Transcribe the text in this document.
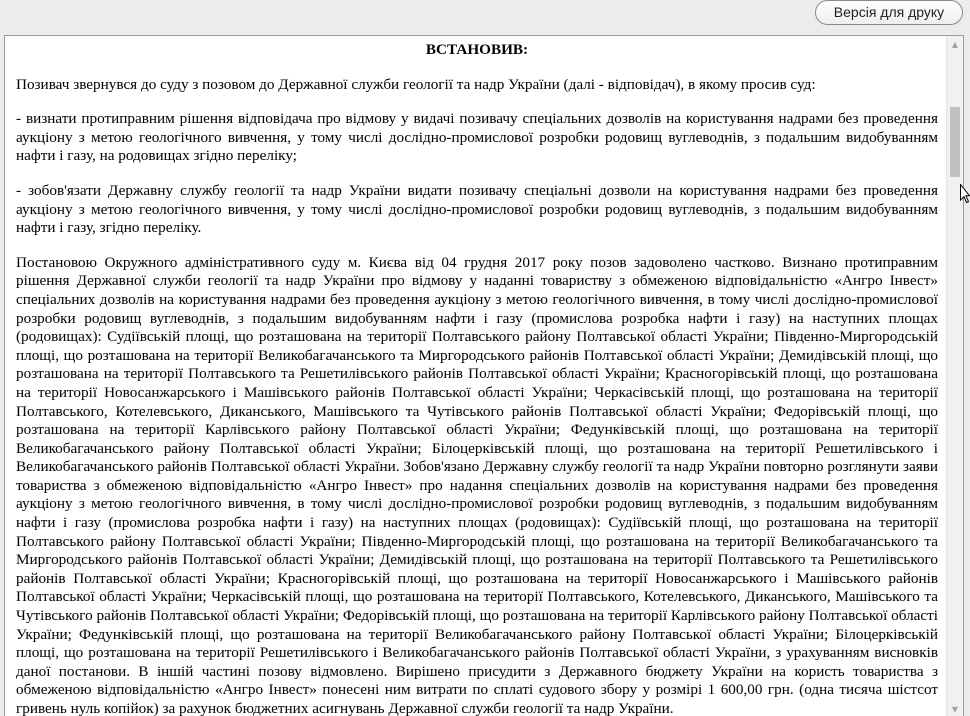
Версія для друку
ВСТАНОВИВ:

Позивач звернувся до суду з позовом до Державної служби геології та надр України (далі - відповідач), в якому просив суд:

- визнати протиправним рішення відповідача про відмову у видачі позивачу спеціальних дозволів на користування надрами без проведення аукціону з метою геологічного вивчення, у тому числі дослідно-промислової розробки родовищ вуглеводнів, з подальшим видобуванням нафти і газу, на родовищах згідно переліку;

- зобов'язати Державну службу геології та надр України видати позивачу спеціальні дозволи на користування надрами без проведення аукціону з метою геологічного вивчення, у тому числі дослідно-промислової розробки родовищ вуглеводнів, з подальшим видобуванням нафти і газу, згідно переліку.

Постановою Окружного адміністративного суду м. Києва від 04 грудня 2017 року позов задоволено частково. Визнано протиправним рішення Державної служби геології та надр України про відмову у наданні товариству з обмеженою відповідальністю «Ангро Інвест» спеціальних дозволів на користування надрами без проведення аукціону з метою геологічного вивчення, в тому числі дослідно-промислової розробки родовищ вуглеводнів, з подальшим видобуванням нафти і газу (промислова розробка нафти і газу) на наступних площах (родовищах): Судіївській площі, що розташована на території Полтавського району Полтавської області України; Південно-Миргородській площі, що розташована на території Великобагачанського та Миргородського районів Полтавської області України; Демидівській площі, що розташована на території Полтавського та Решетилівського районів Полтавської області України; Красногорівській площі, що розташована на території Новосанжарського і Машівського районів Полтавської області України; Черкасівській площі, що розташована на території Полтавського, Котелевського, Диканського, Машівського та Чутівського районів Полтавської області України; Федорівській площі, що розташована на території Карлівського району Полтавської області України; Федунківській площі, що розташована на території Великобагачанського району Полтавської області України; Білоцерківській площі, що розташована на території Решетилівського і Великобагачанського районів Полтавської області України. Зобов'язано Державну службу геології та надр України повторно розглянути заяви товариства з обмеженою відповідальністю «Ангро Інвест» про надання спеціальних дозволів на користування надрами без проведення аукціону з метою геологічного вивчення, в тому числі дослідно-промислової розробки родовищ вуглеводнів, з подальшим видобуванням нафти і газу (промислова розробка нафти і газу) на наступних площах (родовищах): Судіївській площі, що розташована на території Полтавського району Полтавської області України; Південно-Миргородській площі, що розташована на території Великобагачанського та Миргородського районів Полтавської області України; Демидівській площі, що розташована на території Полтавського та Решетилівського районів Полтавської області України; Красногорівській площі, що розташована на території Новосанжарського і Машівського районів Полтавської області України; Черкасівській площі, що розташована на території Полтавського, Котелевського, Диканського, Машівського та Чутівського районів Полтавської області України; Федорівській площі, що розташована на території Карлівського району Полтавської області України; Федунківській площі, що розташована на території Великобагачанського району Полтавської області України; Білоцерківській площі, що розташована на території Решетилівського і Великобагачанського районів Полтавської області України, з урахуванням висновків даної постанови. В іншій частині позову відмовлено. Вирішено присудити з Державного бюджету України на користь товариства з обмеженою відповідальністю «Ангро Інвест» понесені ним витрати по сплаті судового збору у розмірі 1 600,00 грн. (одна тисяча шістсот гривень нуль копійок) за рахунок бюджетних асигнувань Державної служби геології та надр України.

▲
▼
